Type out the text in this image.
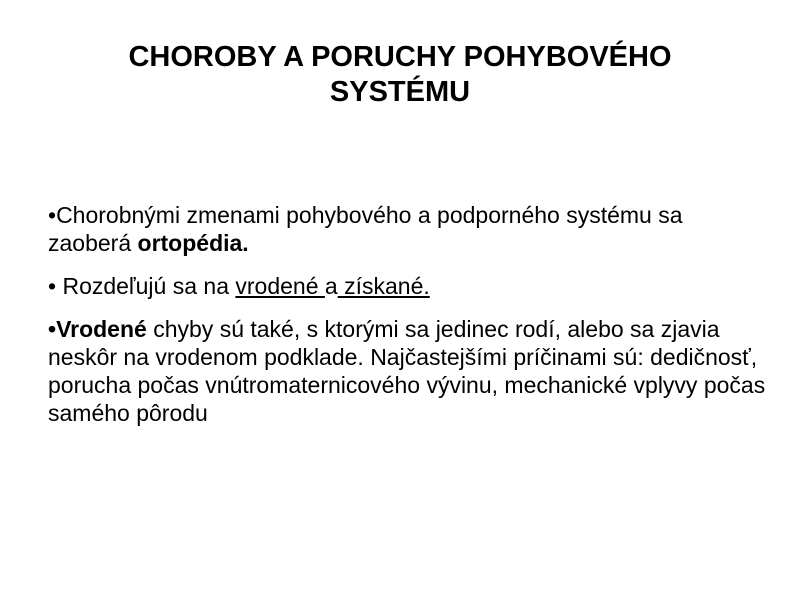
CHOROBY A PORUCHY POHYBOVÉHO
SYSTÉMU
•Chorobnými zmenami pohybového a podporného systému sa zaoberá ortopédia.
• Rozdeľujú sa na vrodené a získané.
•Vrodené chyby sú také, s ktorými sa jedinec rodí, alebo sa zjavia neskôr na vrodenom podklade. Najčastejšími príčinami sú: dedičnosť, porucha počas vnútromaternicového vývinu, mechanické vplyvy počas samého pôrodu
